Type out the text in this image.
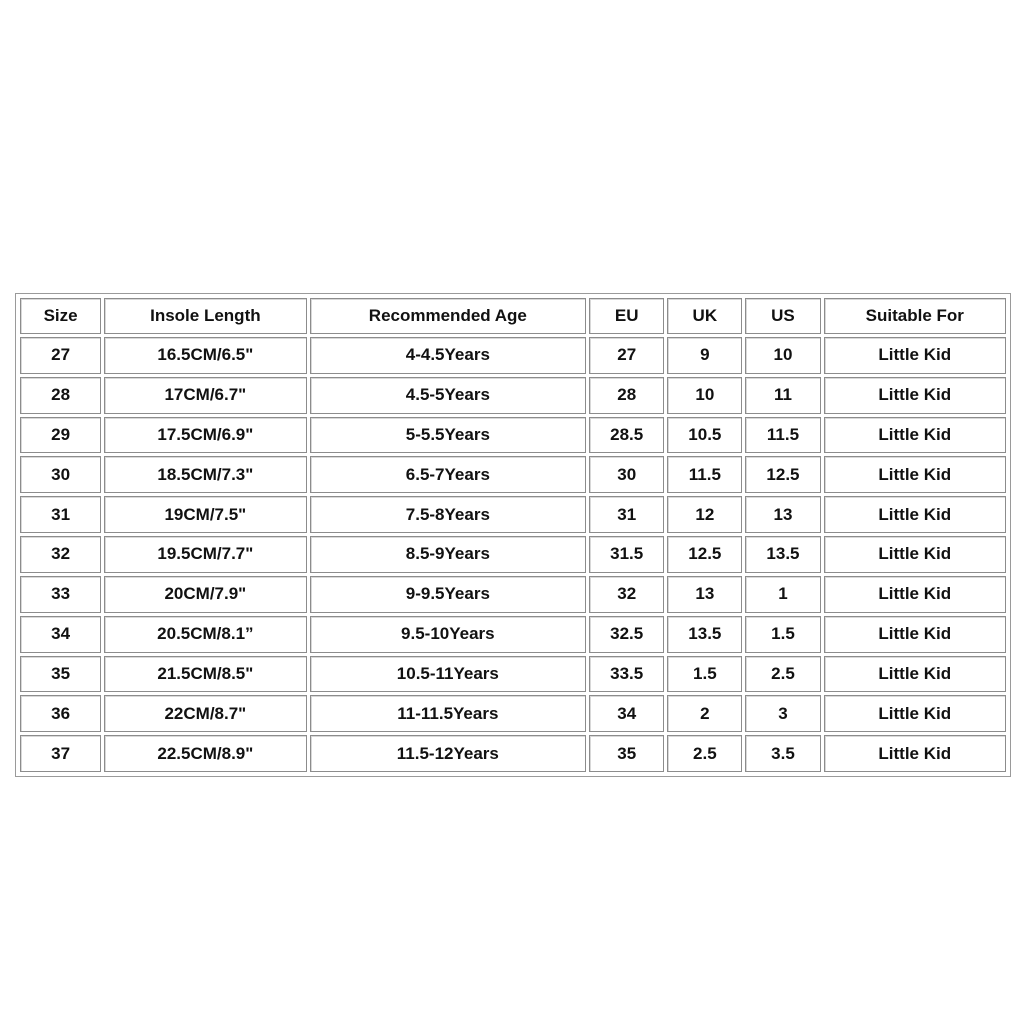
Size	Insole Length	Recommended Age	EU	UK	US	Suitable For
27	16.5CM/6.5"	4-4.5Years	27	9	10	Little Kid
28	17CM/6.7"	4.5-5Years	28	10	11	Little Kid
29	17.5CM/6.9"	5-5.5Years	28.5	10.5	11.5	Little Kid
30	18.5CM/7.3"	6.5-7Years	30	11.5	12.5	Little Kid
31	19CM/7.5"	7.5-8Years	31	12	13	Little Kid
32	19.5CM/7.7"	8.5-9Years	31.5	12.5	13.5	Little Kid
33	20CM/7.9"	9-9.5Years	32	13	1	Little Kid
34	20.5CM/8.1”	9.5-10Years	32.5	13.5	1.5	Little Kid
35	21.5CM/8.5"	10.5-11Years	33.5	1.5	2.5	Little Kid
36	22CM/8.7"	11-11.5Years	34	2	3	Little Kid
37	22.5CM/8.9"	11.5-12Years	35	2.5	3.5	Little Kid
